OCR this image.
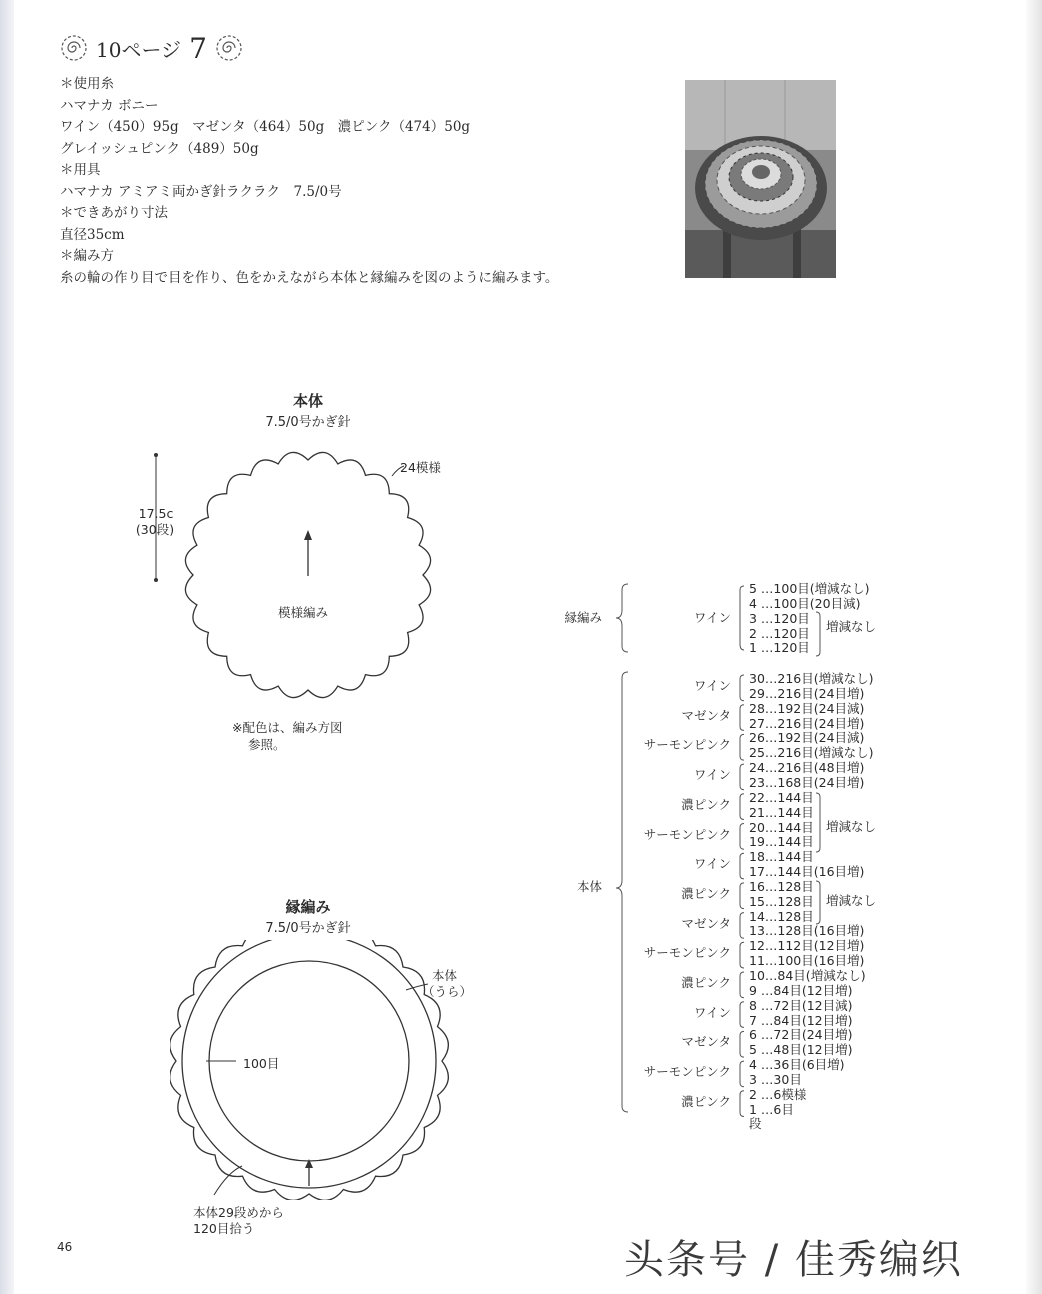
10ページ 7
＊使用糸
ハマナカ ボニー
ワイン（450）95g　マゼンタ（464）50g　濃ピンク（474）50g
グレイッシュピンク（489）50g
＊用具
ハマナカ アミアミ両かぎ針ラクラク　7.5/0号
＊できあがり寸法
直径35cm
＊編み方
糸の輪の作り目で目を作り、色をかえながら本体と縁編みを図のように編みます。
本体
7.5/0号かぎ針
24模様
17.5c
(30段)
模様編み
※配色は、編み方図
参照。
縁編み
7.5/0号かぎ針
本体
（うら）
100目
本体29段めから
120目拾う
縁編み
本体
ワイン
5 …100目(増減なし)
4 …100目(20目減)
3 …120目
2 …120目
1 …120目
増減なし
30…216目(増減なし)
29…216目(24目増)
28…192目(24目減)
27…216目(24目増)
26…192目(24目減)
25…216目(増減なし)
24…216目(48目増)
23…168目(24目増)
22…144目
21…144目
20…144目
19…144目
18…144目
17…144目(16目増)
16…128目
15…128目
14…128目
13…128目(16目増)
12…112目(12目増)
11…100目(16目増)
10…84目(増減なし)
9 …84目(12目増)
8 …72目(12目減)
7 …84目(12目増)
6 …72目(24目増)
5 …48目(12目増)
4 …36目(6目増)
3 …30目
2 …6模様
1 …6目
ワイン
マゼンタ
サーモンピンク
ワイン
濃ピンク
サーモンピンク
ワイン
濃ピンク
マゼンタ
サーモンピンク
濃ピンク
ワイン
マゼンタ
サーモンピンク
濃ピンク
増減なし
増減なし
段
46	头条号 / 佳秀编织
